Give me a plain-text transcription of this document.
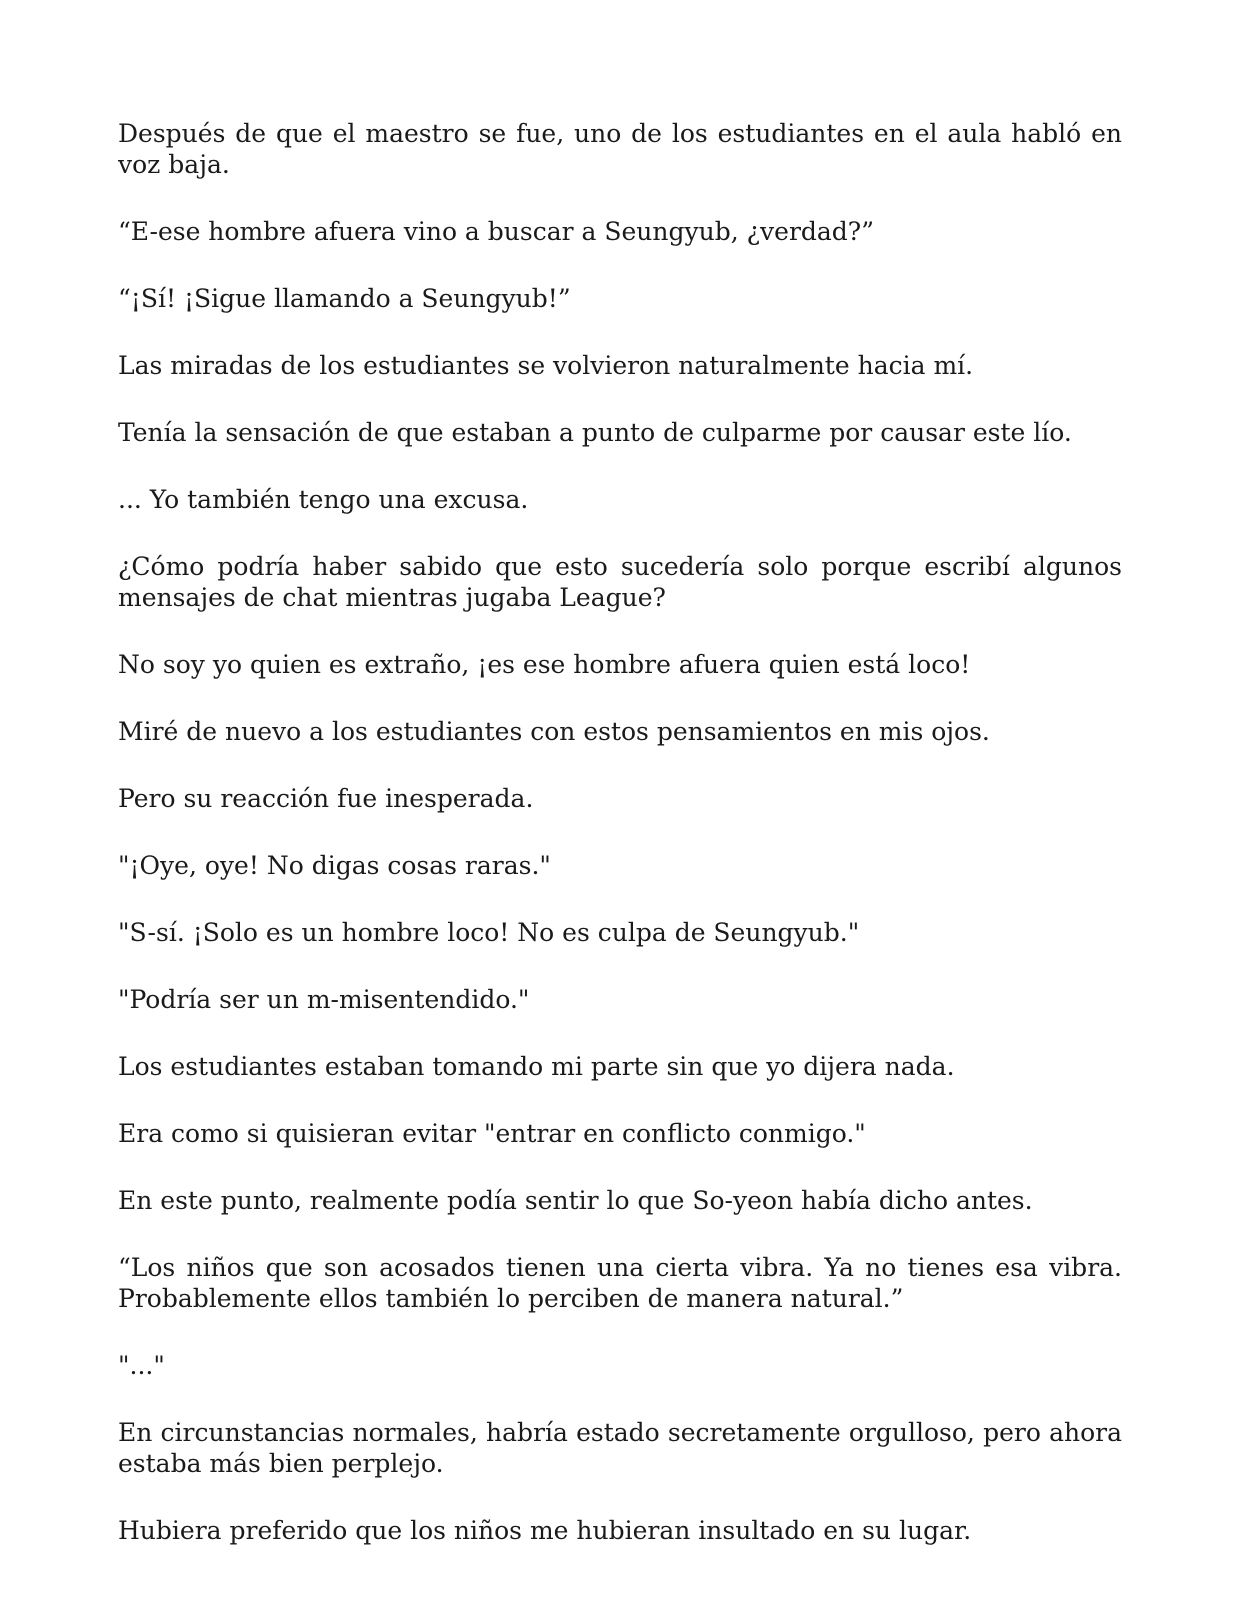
Después de que el maestro se fue, uno de los estudiantes en el aula habló en voz baja.

“E-ese hombre afuera vino a buscar a Seungyub, ¿verdad?”

“¡Sí! ¡Sigue llamando a Seungyub!”

Las miradas de los estudiantes se volvieron naturalmente hacia mí.

Tenía la sensación de que estaban a punto de culparme por causar este lío.

... Yo también tengo una excusa.

¿Cómo podría haber sabido que esto sucedería solo porque escribí algunos mensajes de chat mientras jugaba League?

No soy yo quien es extraño, ¡es ese hombre afuera quien está loco!

Miré de nuevo a los estudiantes con estos pensamientos en mis ojos.

Pero su reacción fue inesperada.

"¡Oye, oye! No digas cosas raras."

"S-sí. ¡Solo es un hombre loco! No es culpa de Seungyub."

"Podría ser un m-misentendido."

Los estudiantes estaban tomando mi parte sin que yo dijera nada.

Era como si quisieran evitar "entrar en conflicto conmigo."

En este punto, realmente podía sentir lo que So-yeon había dicho antes.

“Los niños que son acosados tienen una cierta vibra. Ya no tienes esa vibra. Probablemente ellos también lo perciben de manera natural.”

"..."

En circunstancias normales, habría estado secretamente orgulloso, pero ahora estaba más bien perplejo.

Hubiera preferido que los niños me hubieran insultado en su lugar.
